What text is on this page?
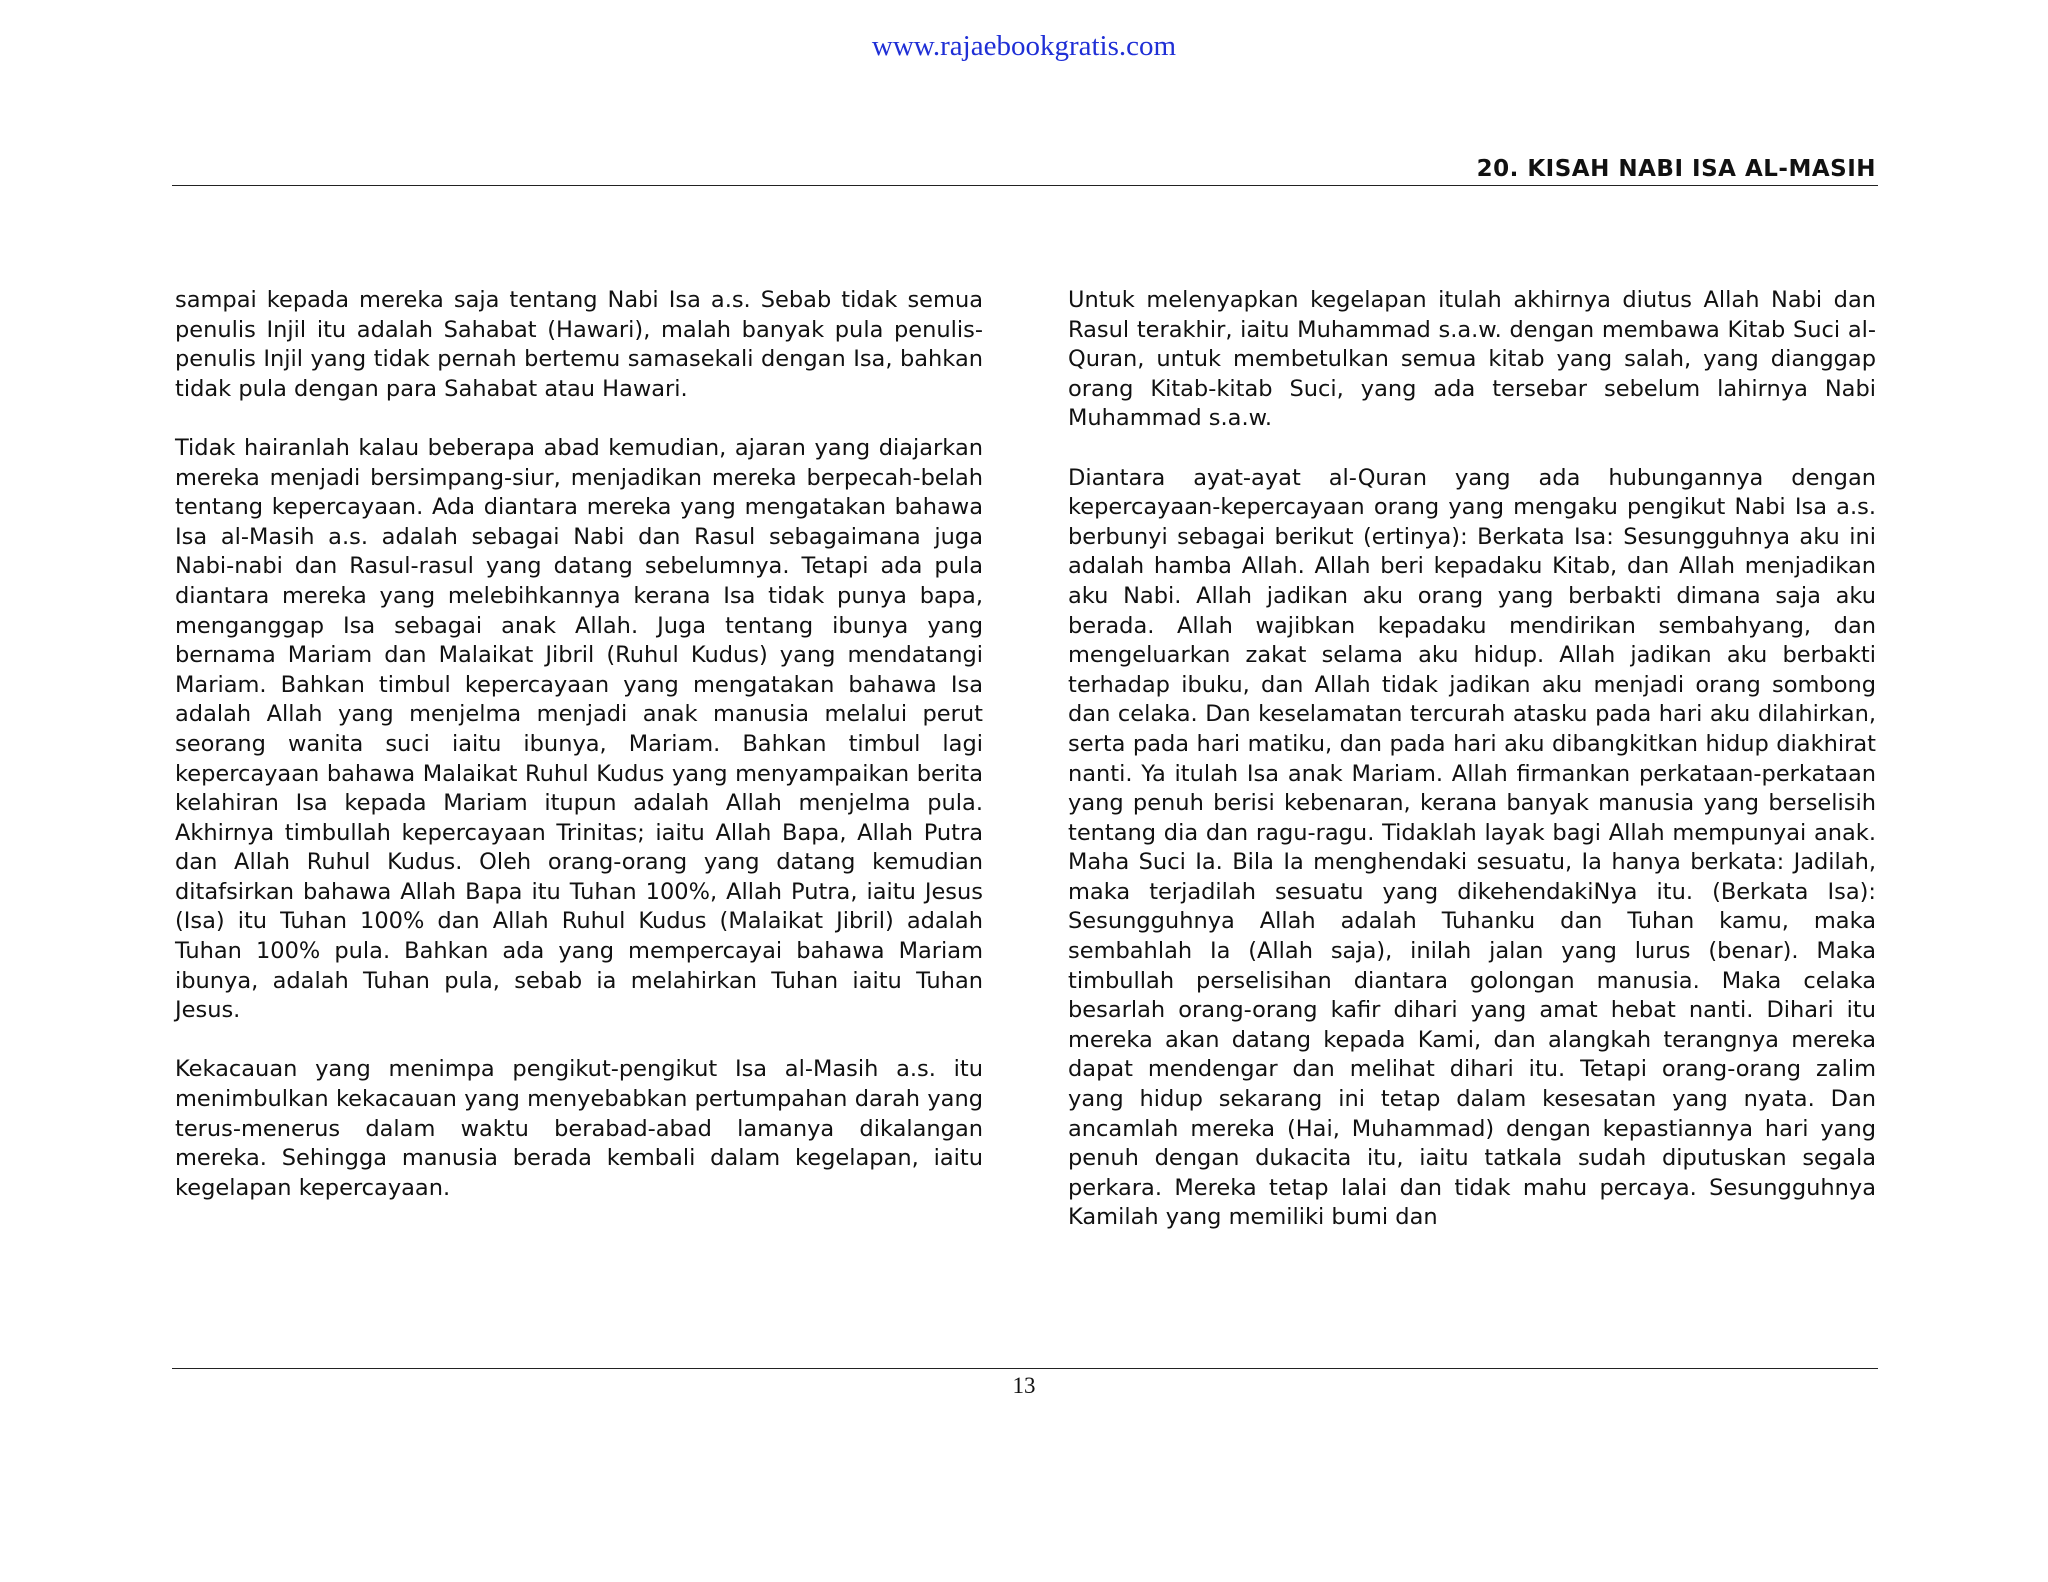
www.rajaebookgratis.com
20. KISAH NABI ISA AL-MASIH

sampai kepada mereka saja tentang Nabi Isa a.s. Sebab tidak semua penulis Injil itu adalah Sahabat (Hawari), malah banyak pula penulis-penulis Injil yang tidak pernah bertemu samasekali dengan Isa, bahkan tidak pula dengan para Sahabat atau Hawari.

Tidak hairanlah kalau beberapa abad kemudian, ajaran yang diajarkan mereka menjadi bersimpang-siur, menjadikan mereka berpecah-belah tentang kepercayaan. Ada diantara mereka yang mengatakan bahawa Isa al-Masih a.s. adalah sebagai Nabi dan Rasul sebagaimana juga Nabi-nabi dan Rasul-rasul yang datang sebelumnya. Tetapi ada pula diantara mereka yang melebihkannya kerana Isa tidak punya bapa, menganggap Isa sebagai anak Allah. Juga tentang ibunya yang bernama Mariam dan Malaikat Jibril (Ruhul Kudus) yang mendatangi Mariam. Bahkan timbul kepercayaan yang mengatakan bahawa Isa adalah Allah yang menjelma menjadi anak manusia melalui perut seorang wanita suci iaitu ibunya, Mariam. Bahkan timbul lagi kepercayaan bahawa Malaikat Ruhul Kudus yang menyampaikan berita kelahiran Isa kepada Mariam itupun adalah Allah menjelma pula. Akhirnya timbullah kepercayaan Trinitas; iaitu Allah Bapa, Allah Putra dan Allah Ruhul Kudus. Oleh orang-orang yang datang kemudian ditafsirkan bahawa Allah Bapa itu Tuhan 100%, Allah Putra, iaitu Jesus (Isa) itu Tuhan 100% dan Allah Ruhul Kudus (Malaikat Jibril) adalah Tuhan 100% pula. Bahkan ada yang mempercayai bahawa Mariam ibunya, adalah Tuhan pula, sebab ia melahirkan Tuhan iaitu Tuhan Jesus.

Kekacauan yang menimpa pengikut-pengikut Isa al-Masih a.s. itu menimbulkan kekacauan yang menyebabkan pertumpahan darah yang terus-menerus dalam waktu berabad-abad lamanya dikalangan mereka. Sehingga manusia berada kembali dalam kegelapan, iaitu kegelapan kepercayaan.

Untuk melenyapkan kegelapan itulah akhirnya diutus Allah Nabi dan Rasul terakhir, iaitu Muhammad s.a.w. dengan membawa Kitab Suci al-Quran, untuk membetulkan semua kitab yang salah, yang dianggap orang Kitab-kitab Suci, yang ada tersebar sebelum lahirnya Nabi Muhammad s.a.w.

Diantara ayat-ayat al-Quran yang ada hubungannya dengan kepercayaan-kepercayaan orang yang mengaku pengikut Nabi Isa a.s. berbunyi sebagai berikut (ertinya): Berkata Isa: Sesungguhnya aku ini adalah hamba Allah. Allah beri kepadaku Kitab, dan Allah menjadikan aku Nabi. Allah jadikan aku orang yang berbakti dimana saja aku berada. Allah wajibkan kepadaku mendirikan sembahyang, dan mengeluarkan zakat selama aku hidup. Allah jadikan aku berbakti terhadap ibuku, dan Allah tidak jadikan aku menjadi orang sombong dan celaka. Dan keselamatan tercurah atasku pada hari aku dilahirkan, serta pada hari matiku, dan pada hari aku dibangkitkan hidup diakhirat nanti. Ya itulah Isa anak Mariam. Allah firmankan perkataan-perkataan yang penuh berisi kebenaran, kerana banyak manusia yang berselisih tentang dia dan ragu-ragu. Tidaklah layak bagi Allah mempunyai anak. Maha Suci Ia. Bila Ia menghendaki sesuatu, Ia hanya berkata: Jadilah, maka terjadilah sesuatu yang dikehendakiNya itu. (Berkata Isa): Sesungguhnya Allah adalah Tuhanku dan Tuhan kamu, maka sembahlah Ia (Allah saja), inilah jalan yang lurus (benar). Maka timbullah perselisihan diantara golongan manusia. Maka celaka besarlah orang-orang kafir dihari yang amat hebat nanti. Dihari itu mereka akan datang kepada Kami, dan alangkah terangnya mereka dapat mendengar dan melihat dihari itu. Tetapi orang-orang zalim yang hidup sekarang ini tetap dalam kesesatan yang nyata. Dan ancamlah mereka (Hai, Muhammad) dengan kepastiannya hari yang penuh dengan dukacita itu, iaitu tatkala sudah diputuskan segala perkara. Mereka tetap lalai dan tidak mahu percaya. Sesungguhnya Kamilah yang memiliki bumi dan

13
